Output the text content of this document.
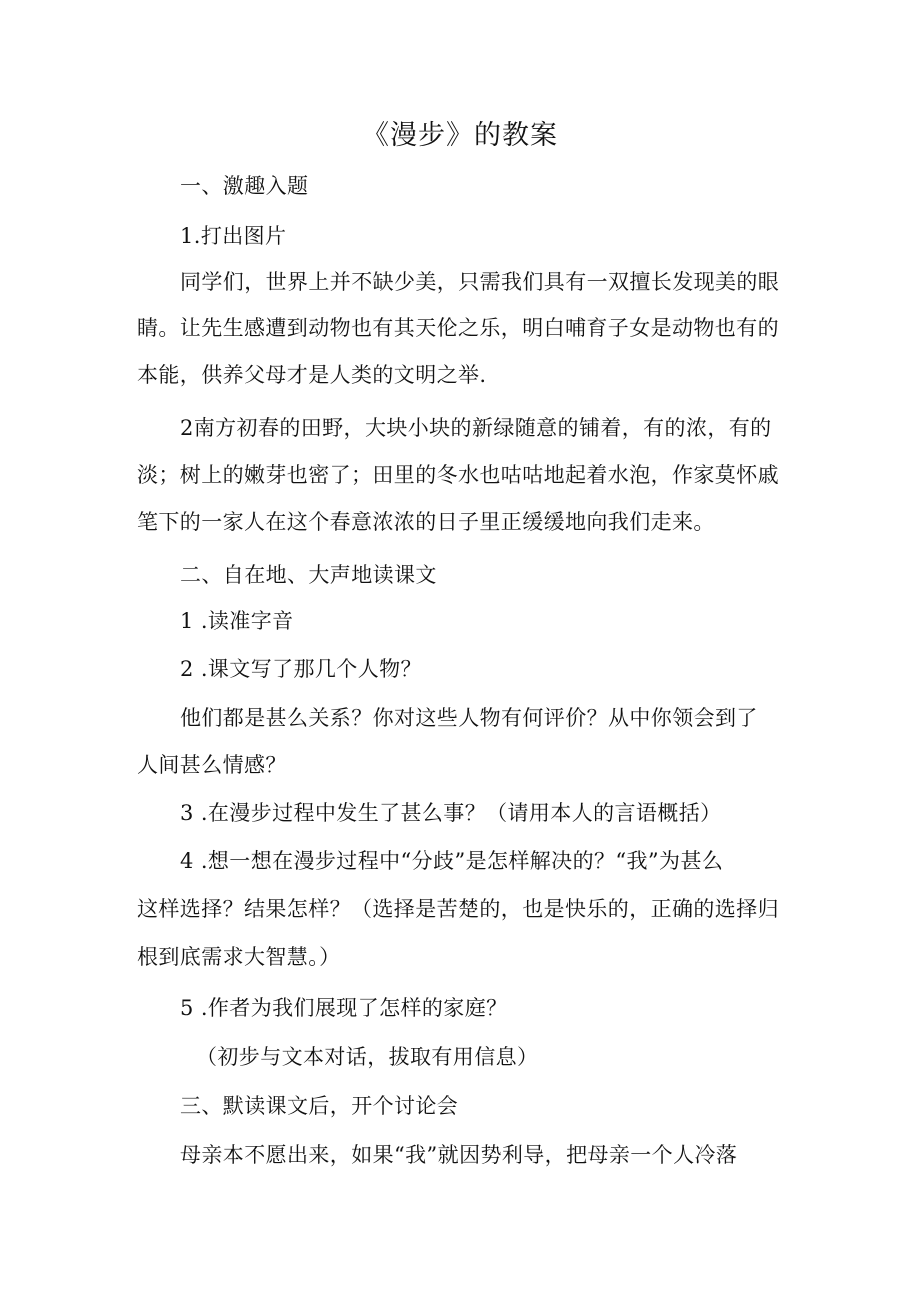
《漫步》的教案
一、激趣入题
1.打出图片
同学们，世界上并不缺少美，只需我们具有一双擅长发现美的眼
睛。让先生感遭到动物也有其天伦之乐，明白哺育子女是动物也有的
本能，供养父母才是人类的文明之举.
2南方初春的田野，大块小块的新绿随意的铺着，有的浓，有的
淡；树上的嫩芽也密了；田里的冬水也咕咕地起着水泡，作家莫怀戚
笔下的一家人在这个春意浓浓的日子里正缓缓地向我们走来。
二、自在地、大声地读课文
1 .读准字音
2 .课文写了那几个人物？
他们都是甚么关系？你对这些人物有何评价？从中你领会到了
人间甚么情感？
3 .在漫步过程中发生了甚么事？（请用本人的言语概括）
4 .想一想在漫步过程中“分歧”是怎样解决的？“我”为甚么
这样选择？结果怎样？（选择是苦楚的，也是快乐的，正确的选择归
根到底需求大智慧。）
5 .作者为我们展现了怎样的家庭？
（初步与文本对话，拔取有用信息）
三、默读课文后，开个讨论会
母亲本不愿出来，如果“我”就因势利导，把母亲一个人冷落
